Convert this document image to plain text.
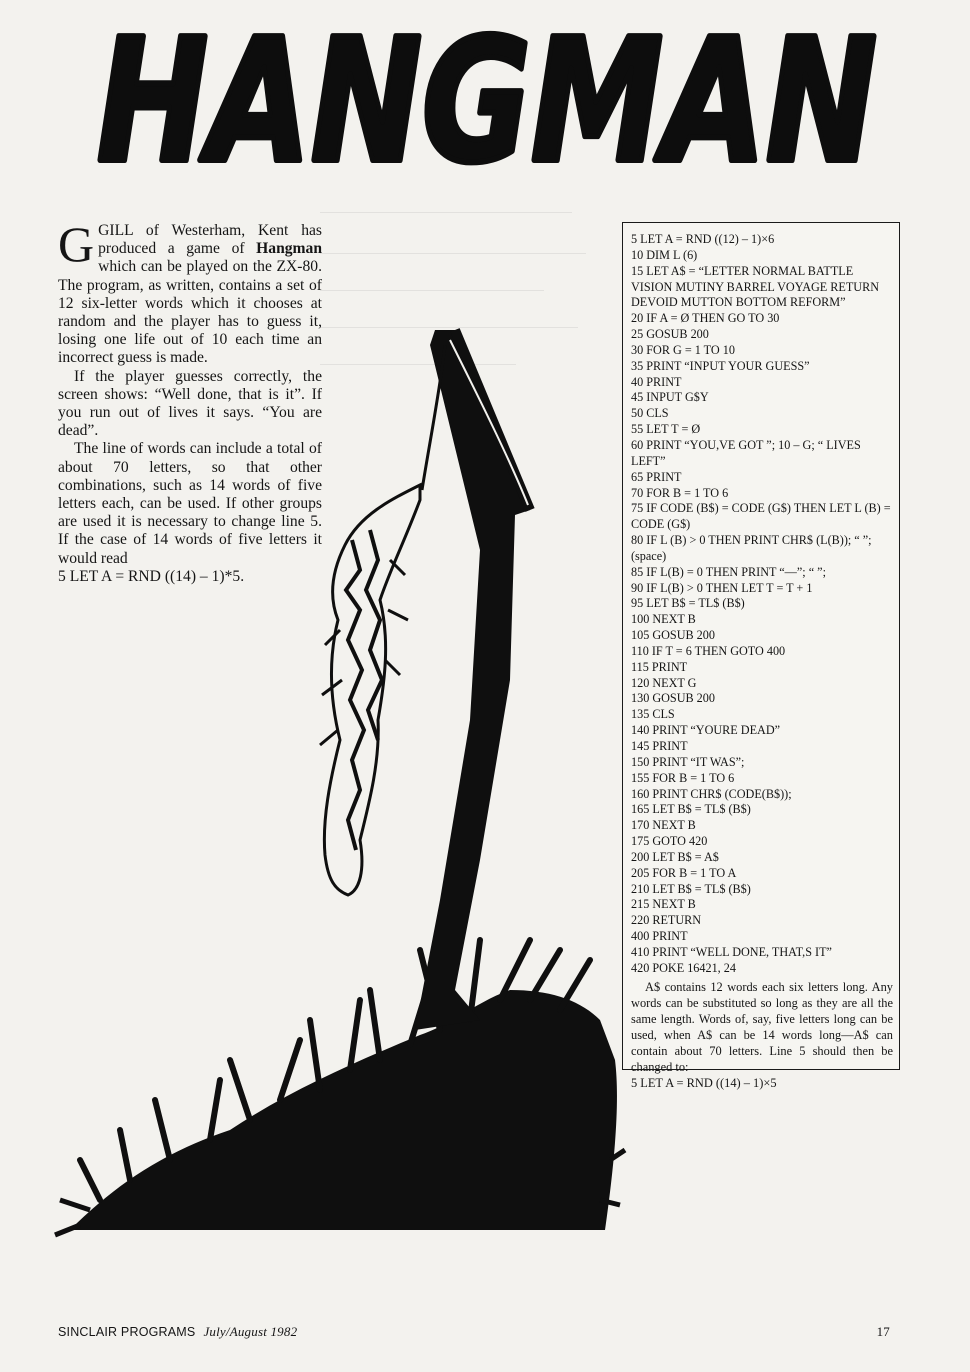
HANGMAN

GGILL of Westerham, Kent has produced a game of Hangman which can be played on the ZX-80. The program, as written, contains a set of 12 six-letter words which it chooses at random and the player has to guess it, losing one life out of 10 each time an incorrect guess is made.

If the player guesses correctly, the screen shows: “Well done, that is it”. If you run out of lives it says. “You are dead”.

The line of words can include a total of about 70 letters, so that other combinations, such as 14 words of five letters each, can be used. If other groups are used it is necessary to change line 5. If the case of 14 words of five letters it would read

5 LET A = RND ((14) – 1)*5.

5 LET A = RND ((12) – 1)×6
10 DIM L (6)
15 LET A$ = “LETTER NORMAL BATTLE VISION MUTINY BARREL VOYAGE RETURN DEVOID MUTTON BOTTOM REFORM”
20 IF A = Ø THEN GO TO 30
25 GOSUB 200
30 FOR G = 1 TO 10
35 PRINT “INPUT YOUR GUESS”
40 PRINT
45 INPUT G$Y
50 CLS
55 LET T = Ø
60 PRINT “YOU,VE GOT ”; 10 – G; “ LIVES LEFT”
65 PRINT
70 FOR B = 1 TO 6
75 IF CODE (B$) = CODE (G$) THEN LET L (B) = CODE (G$)
80 IF L (B) > 0 THEN PRINT CHR$ (L(B)); “ ”; (space)
85 IF L(B) = 0 THEN PRINT “—”; “ ”;
90 IF L(B) > 0 THEN LET T = T + 1
95 LET B$ = TL$ (B$)
100 NEXT B
105 GOSUB 200
110 IF T = 6 THEN GOTO 400
115 PRINT
120 NEXT G
130 GOSUB 200
135 CLS
140 PRINT “YOURE DEAD”
145 PRINT
150 PRINT “IT WAS”;
155 FOR B = 1 TO 6
160 PRINT CHR$ (CODE(B$));
165 LET B$ = TL$ (B$)
170 NEXT B
175 GOTO 420
200 LET B$ = A$
205 FOR B = 1 TO A
210 LET B$ = TL$ (B$)
215 NEXT B
220 RETURN
400 PRINT
410 PRINT “WELL DONE, THAT,S IT”
420 POKE 16421, 24

A$ contains 12 words each six letters long. Any words can be substituted so long as they are all the same length. Words of, say, five letters long can be used, when A$ can be 14 words long—A$ can contain about 70 letters. Line 5 should then be changed to:

5 LET A = RND ((14) – 1)×5

SINCLAIR PROGRAMS July/August 1982	17
